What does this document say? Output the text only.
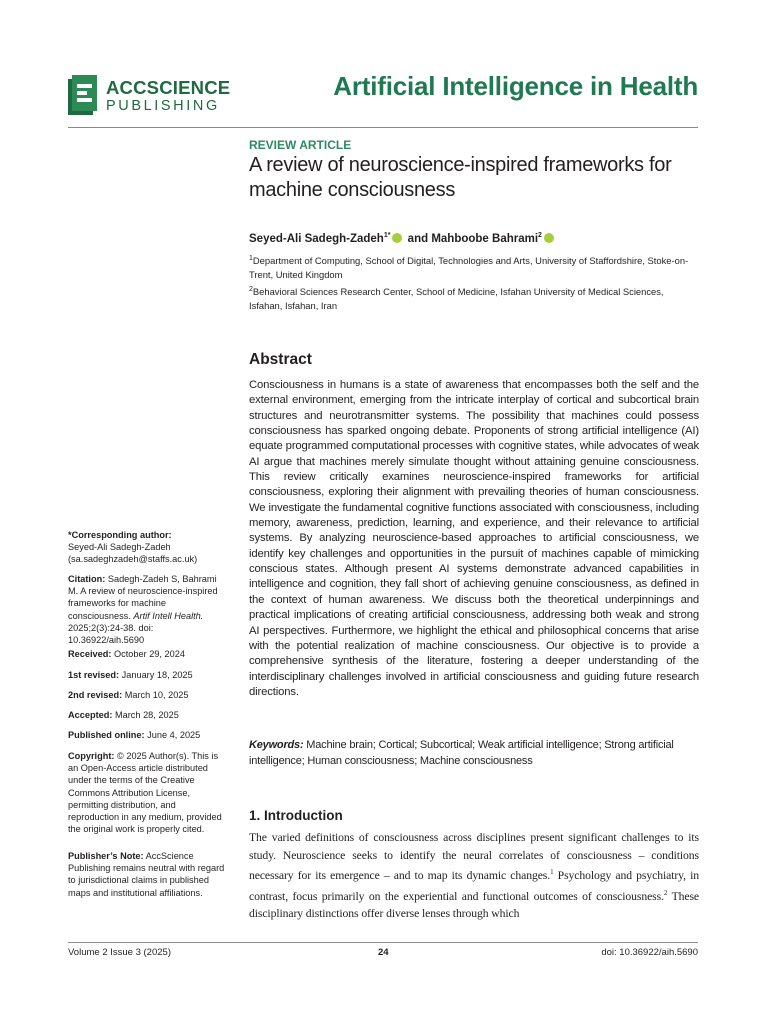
ACCSCIENCE
PUBLISHING
Artificial Intelligence in Health
REVIEW ARTICLE
A review of neuroscience-inspired frameworks for machine consciousness
Seyed-Ali Sadegh-Zadeh$^{1*}$ and Mahboobe Bahrami$^2$
$^1$Department of Computing, School of Digital, Technologies and Arts, University of Staffordshire, Stoke-on-Trent, United Kingdom
$^2$Behavioral Sciences Research Center, School of Medicine, Isfahan University of Medical Sciences, Isfahan, Isfahan, Iran
Abstract
Consciousness in humans is a state of awareness that encompasses both the self and the external environment, emerging from the intricate interplay of cortical and subcortical brain structures and neurotransmitter systems. The possibility that machines could possess consciousness has sparked ongoing debate. Proponents of strong artificial intelligence (AI) equate programmed computational processes with cognitive states, while advocates of weak AI argue that machines merely simulate thought without attaining genuine consciousness. This review critically examines neuroscience-inspired frameworks for artificial consciousness, exploring their alignment with prevailing theories of human consciousness. We investigate the fundamental cognitive functions associated with consciousness, including memory, awareness, prediction, learning, and experience, and their relevance to artificial systems. By analyzing neuroscience-based approaches to artificial consciousness, we identify key challenges and opportunities in the pursuit of machines capable of mimicking conscious states. Although present AI systems demonstrate advanced capabilities in intelligence and cognition, they fall short of achieving genuine consciousness, as defined in the context of human awareness. We discuss both the theoretical underpinnings and practical implications of creating artificial consciousness, addressing both weak and strong AI perspectives. Furthermore, we highlight the ethical and philosophical concerns that arise with the potential realization of machine consciousness. Our objective is to provide a comprehensive synthesis of the literature, fostering a deeper understanding of the interdisciplinary challenges involved in artificial consciousness and guiding future research directions.
Keywords: Machine brain; Cortical; Subcortical; Weak artificial intelligence; Strong artificial intelligence; Human consciousness; Machine consciousness
1. Introduction
The varied definitions of consciousness across disciplines present significant challenges to its study. Neuroscience seeks to identify the neural correlates of consciousness – conditions necessary for its emergence – and to map its dynamic changes.$^1$ Psychology and psychiatry, in contrast, focus primarily on the experiential and functional outcomes of consciousness.$^2$ These disciplinary distinctions offer diverse lenses through which
*Corresponding author:
Seyed-Ali Sadegh-Zadeh
(sa.sadeghzadeh@staffs.ac.uk)
Citation: Sadegh-Zadeh S, Bahrami M. A review of neuroscience-inspired frameworks for machine consciousness. Artif Intell Health. 2025;2(3):24-38. doi: 10.36922/aih.5690
Received: October 29, 2024
1st revised: January 18, 2025
2nd revised: March 10, 2025
Accepted: March 28, 2025
Published online: June 4, 2025
Copyright: © 2025 Author(s). This is an Open-Access article distributed under the terms of the Creative Commons Attribution License, permitting distribution, and reproduction in any medium, provided the original work is properly cited.
Publisher’s Note: AccScience Publishing remains neutral with regard to jurisdictional claims in published maps and institutional affiliations.
Volume 2 Issue 3 (2025)	24	doi: 10.36922/aih.5690
